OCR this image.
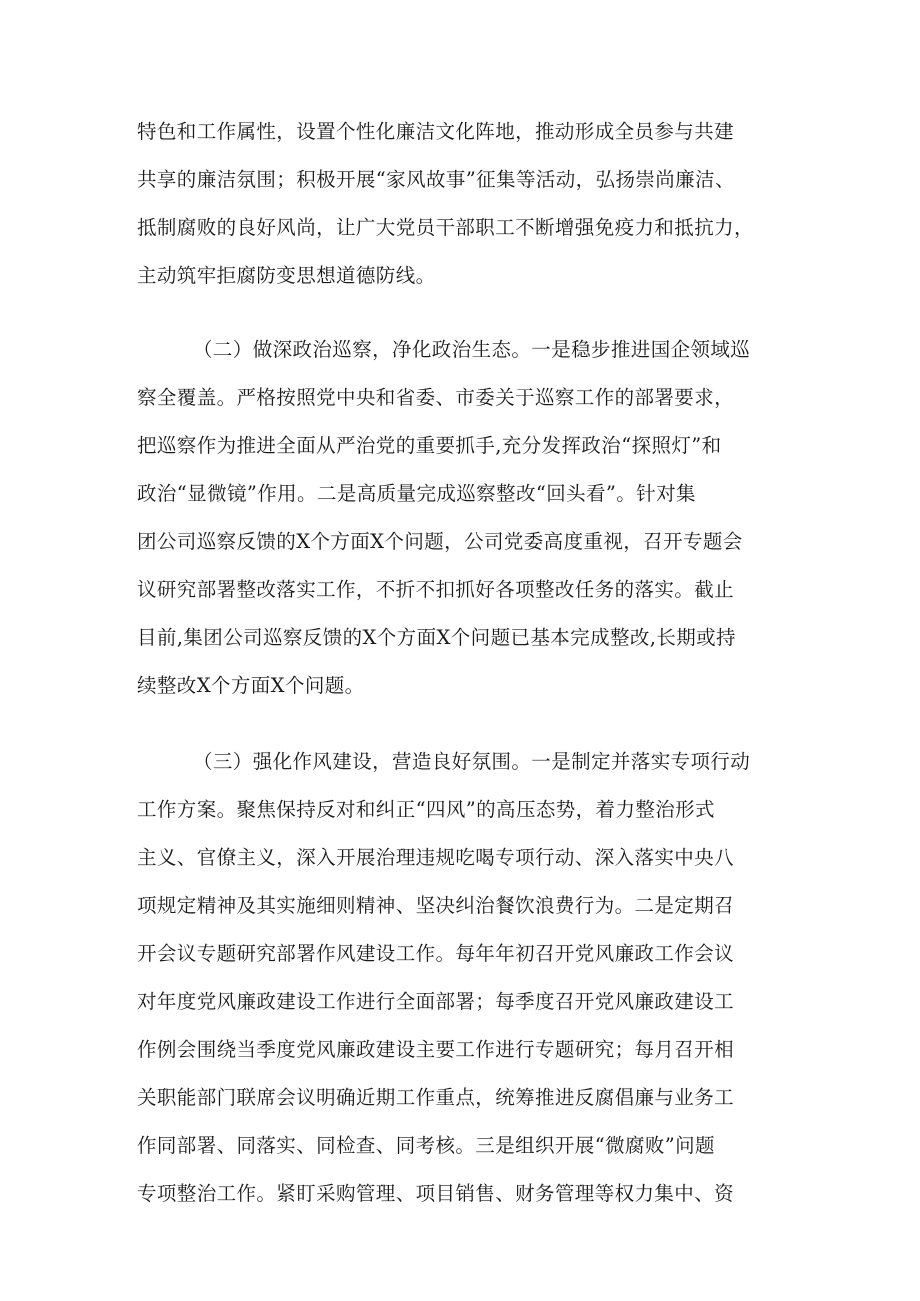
特色和工作属性，设置个性化廉洁文化阵地，推动形成全员参与共建
共享的廉洁氛围；积极开展“家风故事”征集等活动，弘扬崇尚廉洁、
抵制腐败的良好风尚，让广大党员干部职工不断增强免疫力和抵抗力，
主动筑牢拒腐防变思想道德防线。
（二）做深政治巡察，净化政治生态。一是稳步推进国企领域巡
察全覆盖。严格按照党中央和省委、市委关于巡察工作的部署要求，
把巡察作为推进全面从严治党的重要抓手,充分发挥政治“探照灯”和
政治“显微镜”作用。二是高质量完成巡察整改“回头看”。针对集
团公司巡察反馈的X个方面X个问题，公司党委高度重视，召开专题会
议研究部署整改落实工作，不折不扣抓好各项整改任务的落实。截止
目前,集团公司巡察反馈的X个方面X个问题已基本完成整改,长期或持
续整改X个方面X个问题。
（三）强化作风建设，营造良好氛围。一是制定并落实专项行动
工作方案。聚焦保持反对和纠正“四风”的高压态势，着力整治形式
主义、官僚主义，深入开展治理违规吃喝专项行动、深入落实中央八
项规定精神及其实施细则精神、坚决纠治餐饮浪费行为。二是定期召
开会议专题研究部署作风建设工作。每年年初召开党风廉政工作会议
对年度党风廉政建设工作进行全面部署；每季度召开党风廉政建设工
作例会围绕当季度党风廉政建设主要工作进行专题研究；每月召开相
关职能部门联席会议明确近期工作重点，统筹推进反腐倡廉与业务工
作同部署、同落实、同检查、同考核。三是组织开展“微腐败”问题
专项整治工作。紧盯采购管理、项目销售、财务管理等权力集中、资
